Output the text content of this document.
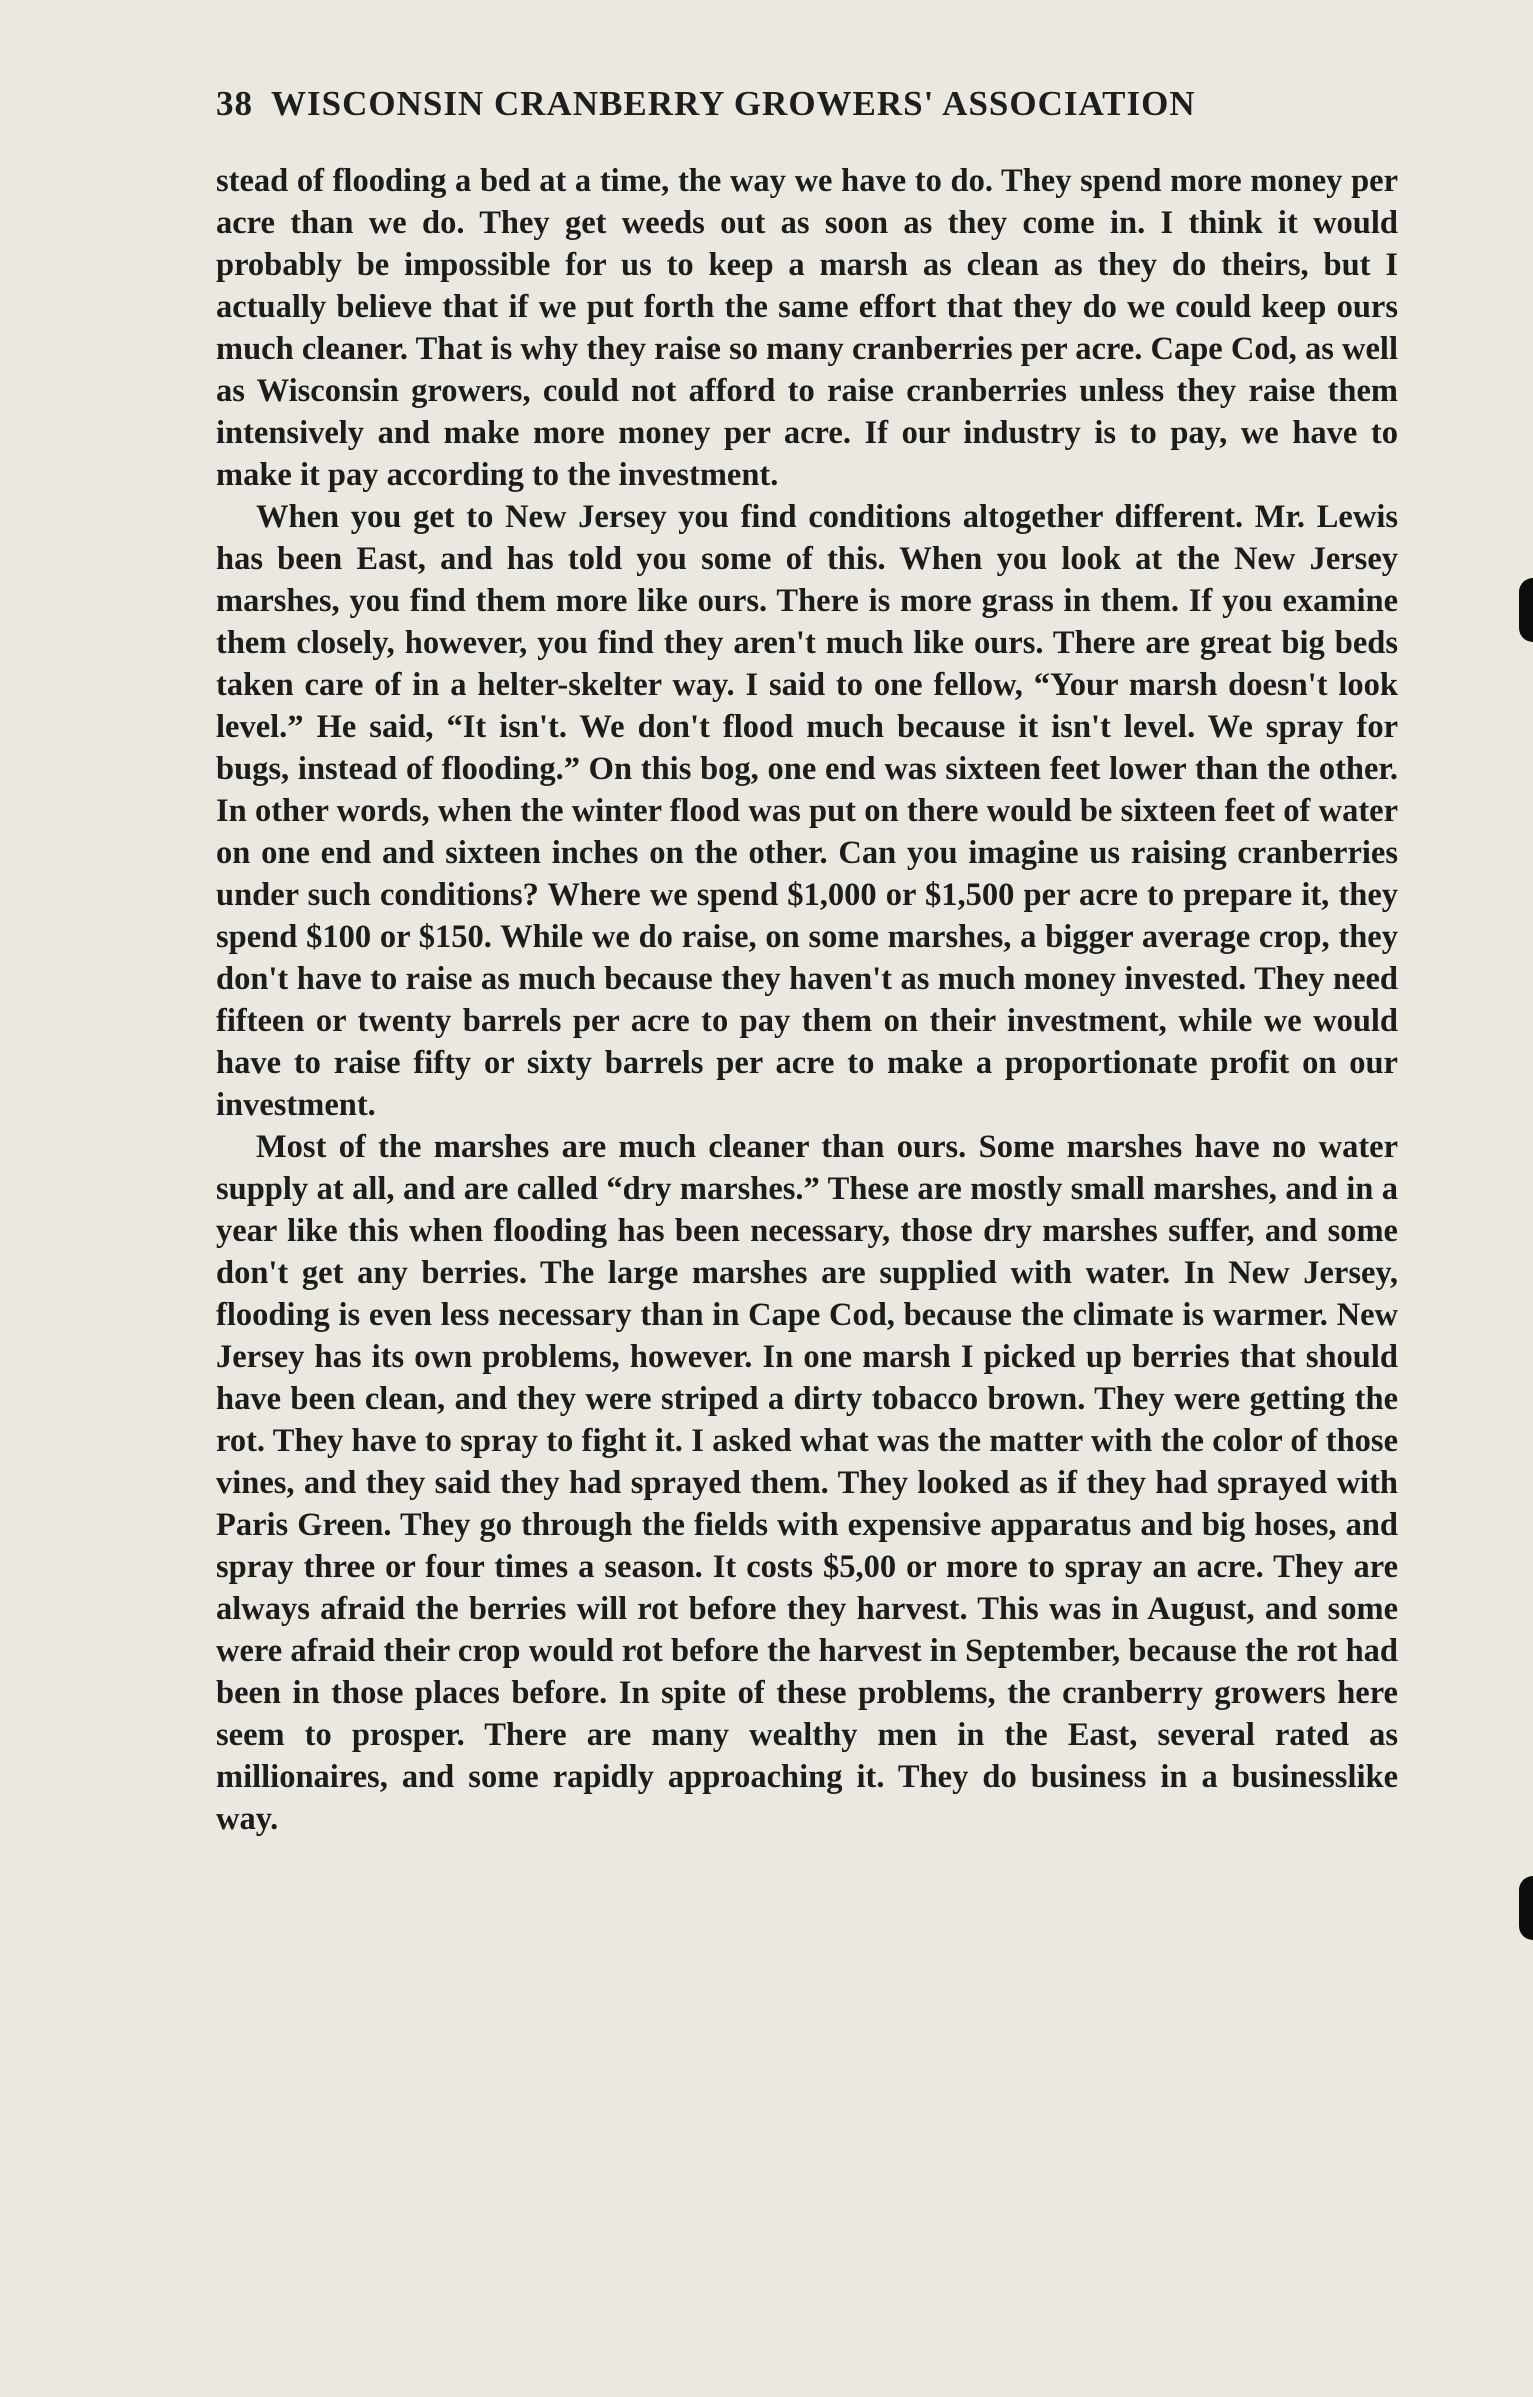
38 WISCONSIN CRANBERRY GROWERS' ASSOCIATION

stead of flooding a bed at a time, the way we have to do. They spend more money per acre than we do. They get weeds out as soon as they come in. I think it would probably be impossible for us to keep a marsh as clean as they do theirs, but I actually believe that if we put forth the same effort that they do we could keep ours much cleaner. That is why they raise so many cranberries per acre. Cape Cod, as well as Wisconsin growers, could not afford to raise cranberries unless they raise them intensively and make more money per acre. If our industry is to pay, we have to make it pay according to the investment.

When you get to New Jersey you find conditions altogether different. Mr. Lewis has been East, and has told you some of this. When you look at the New Jersey marshes, you find them more like ours. There is more grass in them. If you examine them closely, however, you find they aren't much like ours. There are great big beds taken care of in a helter-skelter way. I said to one fellow, “Your marsh doesn't look level.” He said, “It isn't. We don't flood much because it isn't level. We spray for bugs, instead of flooding.” On this bog, one end was sixteen feet lower than the other. In other words, when the winter flood was put on there would be sixteen feet of water on one end and sixteen inches on the other. Can you imagine us raising cranberries under such conditions? Where we spend $1,000 or $1,500 per acre to prepare it, they spend $100 or $150. While we do raise, on some marshes, a bigger average crop, they don't have to raise as much because they haven't as much money invested. They need fifteen or twenty barrels per acre to pay them on their investment, while we would have to raise fifty or sixty barrels per acre to make a proportionate profit on our investment.

Most of the marshes are much cleaner than ours. Some marshes have no water supply at all, and are called “dry marshes.” These are mostly small marshes, and in a year like this when flooding has been necessary, those dry marshes suffer, and some don't get any berries. The large marshes are supplied with water. In New Jersey, flooding is even less necessary than in Cape Cod, because the climate is warmer. New Jersey has its own problems, however. In one marsh I picked up berries that should have been clean, and they were striped a dirty tobacco brown. They were getting the rot. They have to spray to fight it. I asked what was the matter with the color of those vines, and they said they had sprayed them. They looked as if they had sprayed with Paris Green. They go through the fields with expensive apparatus and big hoses, and spray three or four times a season. It costs $5,00 or more to spray an acre. They are always afraid the berries will rot before they harvest. This was in August, and some were afraid their crop would rot before the harvest in September, because the rot had been in those places before. In spite of these problems, the cranberry growers here seem to prosper. There are many wealthy men in the East, several rated as millionaires, and some rapidly approaching it. They do business in a businesslike way.
